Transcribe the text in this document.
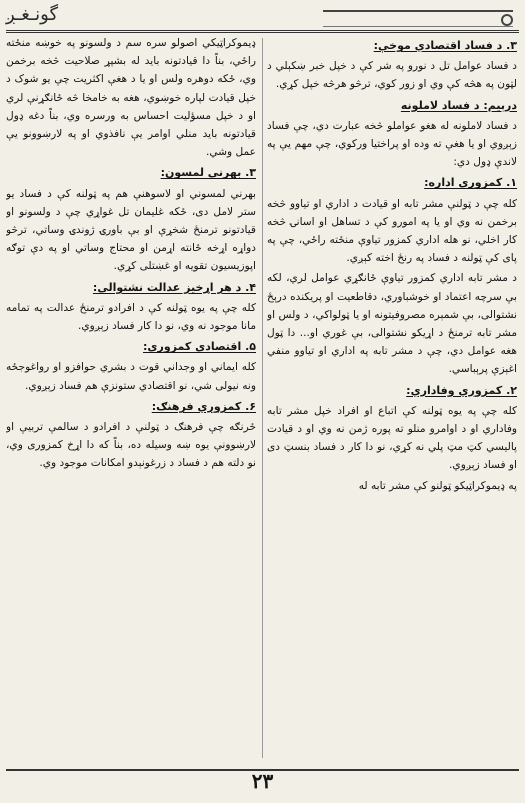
گونـغـږ
۳. د فساد اقتصادي موخې:

د فساد عوامل تل د نورو په شر کې د خپل خبر ښکېلي د لټون په هڅه کې وي او زور کوي، ترڅو هرڅه خپل کړي.

درېیم: د فساد لاملونه

د فساد لاملونه له هغو عواملو څخه عبارت دي، چې فساد زېږوي او یا هغې ته وده او پراختیا ورکوي، چې مهم یې په لاندې ډول دي:

۱. کمزوري اداره:

کله چې د ټولنې مشر تابه او قیادت د اداري او تیاوو څخه برخمن نه وي او یا په امورو کې د تساهل او اسانۍ څخه کار اخلي، نو هله اداري کمزور تیاوې منځته راځي، چې په پای کې ټولنه د فساد په رنځ اخته کېږي.

د مشر تابه اداري کمزور تیاوې ځانګړي عوامل لري، لکه بې سرچه اعتماد او خوشباوري، دقاطعیت او پریکنده درېځ نشتوالی، بې شمېره مصروفیتونه او یا ټولواکي، د ولس او مشر تابه ترمنځ د اړیکو نشتوالی، بې غوري او... دا ټول هغه عوامل دي، چې د مشر تابه په اداري او تیاوو منفي اغېزې پرېباسي.

۲. کمزوري وفاداري:

کله چې په یوه ټولنه کې اتباع او افراد خپل مشر تابه وفاداري او د اوامرو منلو ته پوره ژمن نه وي او د قیادت پالیسي کټ مټ پلي نه کړي، نو دا کار د فساد بنسټ دی او فساد زېږوي.

په ډیموکراټیکو ټولنو کې مشر تابه له

ډیموکراټیکي اصولو سره سم د ولسونو په خوښه منځته راځي، بناً دا قیادتونه باید له بشپړ صلاحیت څخه برخمن وي، ځکه دوهره ولس او یا د هغې اکثریت چې یو شوک د خپل قیادت لپاره خوښوي، هغه به خامخا څه ځانګړنې لري او د خپل مسؤلیت احساس به ورسره وي، بناً دغه ډول قیادتونه باید منلي اوامر یې نافذوي او په لارښوونو یې عمل وشي.

۳. بهرني لمسون:

بهرني لمسوني او لاسوهنې هم په ټولنه کې د فساد یو ستر لامل دی، ځکه غلیمان تل غواړي چې د ولسونو او قیادتونو ترمنځ شخړې او بې باورۍ ژوندۍ وساتي، ترڅو دواړه اړخه ځانته اړمن او محتاج وساتي او په دې توګه اپوزیسیون تقویه او غښتلی کړي.

۴. د هر اړخیز عدالت نشتوالی:

کله چې په یوه ټولنه کې د افرادو ترمنځ عدالت په تمامه مانا موجود نه وي، نو دا کار فساد زېږوي.

۵. اقتصادي کمزوري:

کله ایماني او وجداني قوت د بشري حوافزو او رواغوجځه ونه نیولی شي، نو اقتصادي ستونزې هم فساد زېږوي.

۶. کمزوري فرهنګ:

ځرنګه چې فرهنګ د ټولنې د افرادو د سالمې تربیې او لارښوونې یوه ښه وسیله ده، بناً که دا اړخ کمزوری وي، نو دلته هم د فساد د زرغونېدو امکانات موجود وي.

۲۳
